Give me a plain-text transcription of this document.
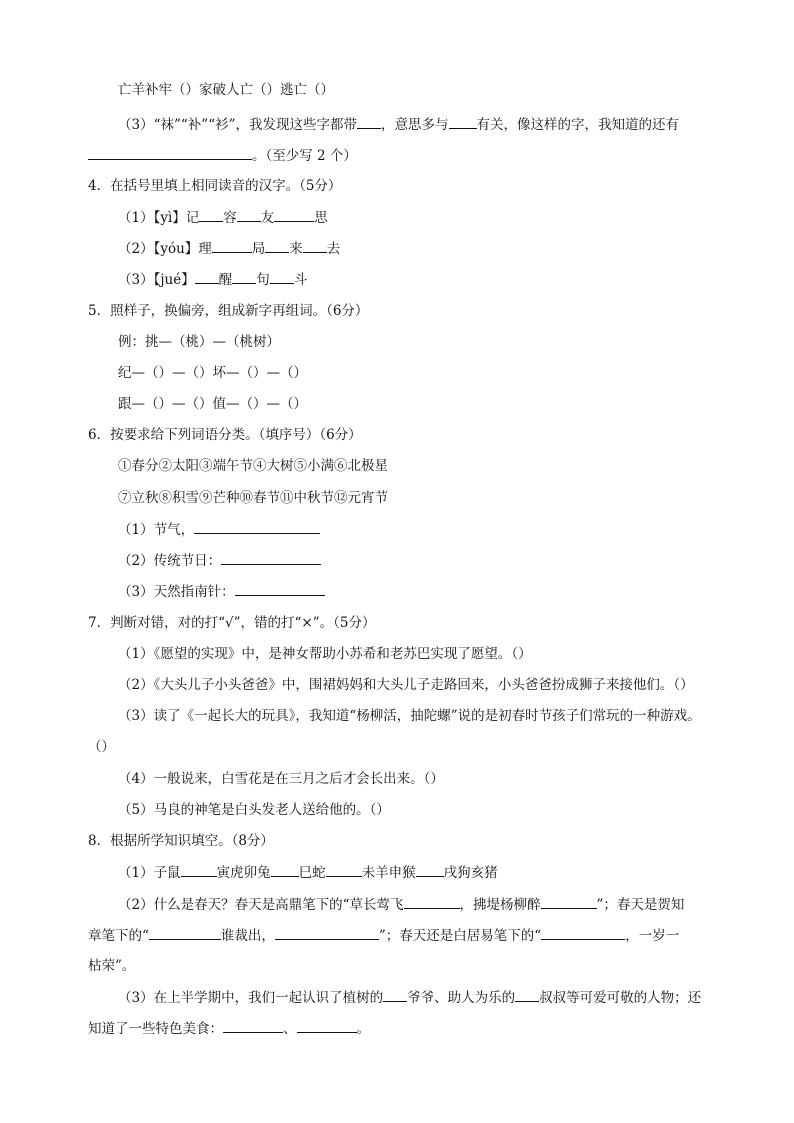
亡羊补牢（）家破人亡（）逃亡（）
（3）“袜”“补”“衫”，我发现这些字都带 ，意思多与 有关，像这样的字，我知道的还有
。（至少写 2 个）
4．在括号里填上相同读音的汉字。（5分）
（1）【yì】记 容 友	思
（2）【yóu】理	局 来 去
（3）【jué】 醒 句 斗
5．照样子，换偏旁，组成新字再组词。（6分）
例：挑—（桃）—（桃树）
纪—（）—（）坏—（）—（）
跟—（）—（）值—（）—（）
6．按要求给下列词语分类。（填序号）（6分）
①春分②太阳③端午节④大树⑤小满⑥北极星
⑦立秋⑧积雪⑨芒种⑩春节⑪中秋节⑫元宵节
（1）节气，
（2）传统节日：
（3）天然指南针：
7．判断对错，对的打“√”，错的打“×”。（5分）
（1）《愿望的实现》中，是神女帮助小苏希和老苏巴实现了愿望。（）
（2）《大头儿子小头爸爸》中，围裙妈妈和大头儿子走路回来，小头爸爸扮成狮子来接他们。（）
（3）读了《一起长大的玩具》，我知道“杨柳活，抽陀螺”说的是初春时节孩子们常玩的一种游戏。
（）
（4）一般说来，白雪花是在三月之后才会长出来。（）
（5）马良的神笔是白头发老人送给他的。（）
8．根据所学知识填空。（8分）
（1）子鼠	寅虎卯兔 巳蛇	未羊申猴 戌狗亥猪
（2）什么是春天？春天是高鼎笔下的“草长莺飞	，拂堤杨柳醉	”；春天是贺知
章笔下的“	谁裁出，	”；春天还是白居易笔下的“	，一岁一
枯荣”。
（3）在上半学期中，我们一起认识了植树的 爷爷、助人为乐的 叔叔等可爱可敬的人物；还
知道了一些特色美食：	、	。
